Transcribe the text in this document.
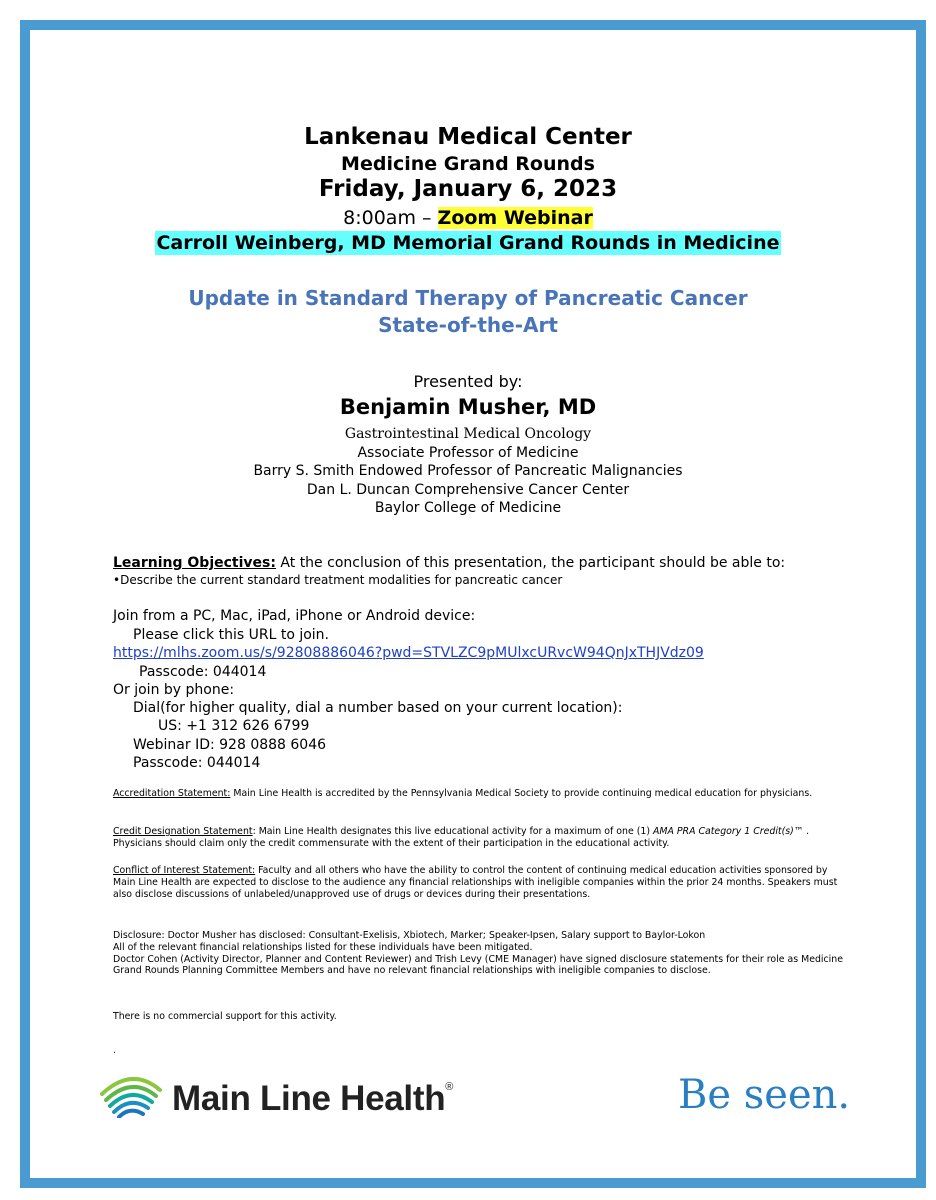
Lankenau Medical Center
Medicine Grand Rounds
Friday, January 6, 2023
8:00am – Zoom Webinar
Carroll Weinberg, MD Memorial Grand Rounds in Medicine
Update in Standard Therapy of Pancreatic Cancer
State-of-the-Art
Presented by:
Benjamin Musher, MD
Gastrointestinal Medical Oncology
Associate Professor of Medicine
Barry S. Smith Endowed Professor of Pancreatic Malignancies
Dan L. Duncan Comprehensive Cancer Center
Baylor College of Medicine
Learning Objectives: At the conclusion of this presentation, the participant should be able to:
•Describe the current standard treatment modalities for pancreatic cancer
Join from a PC, Mac, iPad, iPhone or Android device:
Please click this URL to join.
https://mlhs.zoom.us/s/92808886046?pwd=STVLZC9pMUlxcURvcW94QnJxTHJVdz09
Passcode: 044014
Or join by phone:
Dial(for higher quality, dial a number based on your current location):
US: +1 312 626 6799
Webinar ID: 928 0888 6046
Passcode: 044014
Accreditation Statement: Main Line Health is accredited by the Pennsylvania Medical Society to provide continuing medical education for physicians.
Credit Designation Statement: Main Line Health designates this live educational activity for a maximum of one (1) AMA PRA Category 1 Credit(s)™ . Physicians should claim only the credit commensurate with the extent of their participation in the educational activity.
Conflict of Interest Statement: Faculty and all others who have the ability to control the content of continuing medical education activities sponsored by Main Line Health are expected to disclose to the audience any financial relationships with ineligible companies within the prior 24 months. Speakers must also disclose discussions of unlabeled/unapproved use of drugs or devices during their presentations.
Disclosure: Doctor Musher has disclosed: Consultant-Exelisis, Xbiotech, Marker; Speaker-Ipsen, Salary support to Baylor-Lokon
All of the relevant financial relationships listed for these individuals have been mitigated.
Doctor Cohen (Activity Director, Planner and Content Reviewer) and Trish Levy (CME Manager) have signed disclosure statements for their role as Medicine Grand Rounds Planning Committee Members and have no relevant financial relationships with ineligible companies to disclose.
There is no commercial support for this activity.
.
Main Line Health®	Be seen.
